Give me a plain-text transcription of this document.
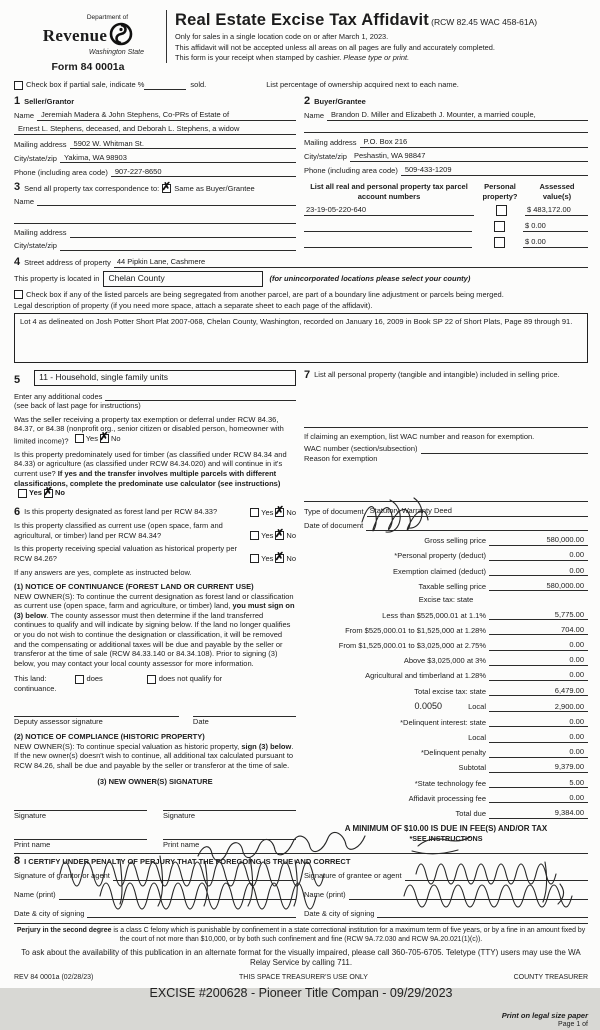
Department of
Revenue
Washington State
Form 84 0001a
Real Estate Excise Tax Affidavit (RCW 82.45 WAC 458-61A)
Only for sales in a single location code on or after March 1, 2023.
This affidavit will not be accepted unless all areas on all pages are fully and accurately completed.
This form is your receipt when stamped by cashier. Please type or print.
Check box if partial sale, indicate %	sold.	List percentage of ownership acquired next to each name.
1 Seller/Grantor
Name Jeremiah Madera & John Stephens, Co-PRs of Estate of
Ernest L. Stephens, deceased, and Deborah L. Stephens, a widow
Mailing address 5902 W. Whitman St.
City/state/zip Yakima, WA 98903
Phone (including area code) 907-227-8650
2 Buyer/Grantee
Name Brandon D. Miller and Elizabeth J. Mounter, a married couple,
Mailing address P.O. Box 216
City/state/zip Peshastin, WA 98847
Phone (including area code) 509-433-1209
3 Send all property tax correspondence to: ✗ Same as Buyer/Grantee
Name
Mailing address
City/state/zip
List all real and personal property tax parcel account numbers
Personal property?
Assessed value(s)
23-19-05-220-640	$ 483,172.00
$ 0.00
$ 0.00
4 Street address of property 44 Pipkin Lane, Cashmere
This property is located in	Chelan County	(for unincorporated locations please select your county)
Check box if any of the listed parcels are being segregated from another parcel, are part of a boundary line adjustment or parcels being merged.
Legal description of property (if you need more space, attach a separate sheet to each page of the affidavit).
Lot 4 as delineated on Josh Potter Short Plat 2007-068, Chelan County, Washington, recorded on January 16, 2009 in Book SP 22 of Short Plats, Page 89 through 91.
5	11 - Household, single family units
Enter any additional codes
(see back of last page for instructions)
Was the seller receiving a property tax exemption or deferral under RCW 84.36, 84.37, or 84.38 (nonprofit org., senior citizen or disabled person, homeowner with limited income)? Yes ✗ No
Is this property predominately used for timber (as classified under RCW 84.34 and 84.33) or agriculture (as classified under RCW 84.34.020) and will continue in it's current use? If yes and the transfer involves multiple parcels with different classifications, complete the predominate use calculator (see instructions)
Yes ✗ No
6 Is this property designated as forest land per RCW 84.33?	Yes ✗ No
Is this property classified as current use (open space, farm and agricultural, or timber) land per RCW 84.34?	Yes ✗ No
Is this property receiving special valuation as historical property per RCW 84.26?	Yes ✗ No
If any answers are yes, complete as instructed below.
(1) NOTICE OF CONTINUANCE (FOREST LAND OR CURRENT USE)
NEW OWNER(S): To continue the current designation as forest land or classification as current use (open space, farm and agriculture, or timber) land, you must sign on (3) below. The county assessor must then determine if the land transferred continues to qualify and will indicate by signing below. If the land no longer qualifies or you do not wish to continue the designation or classification, it will be removed and the compensating or additional taxes will be due and payable by the seller or transferor at the time of sale (RCW 84.33.140 or 84.34.108). Prior to signing (3) below, you may contact your local county assessor for more information.
This land:	does	does not qualify for
continuance.
Deputy assessor signature	Date
(2) NOTICE OF COMPLIANCE (HISTORIC PROPERTY)
NEW OWNER(S): To continue special valuation as historic property, sign (3) below. If the new owner(s) doesn't wish to continue, all additional tax calculated pursuant to RCW 84.26, shall be due and payable by the seller or transferor at the time of sale.
(3) NEW OWNER(S) SIGNATURE
Signature	Signature
Print name	Print name
7 List all personal property (tangible and intangible) included in selling price.
If claiming an exemption, list WAC number and reason for exemption.
WAC number (section/subsection)
Reason for exemption
Type of document Statutory Warranty Deed
Date of document
Gross selling price	580,000.00
*Personal property (deduct)	0.00
Exemption claimed (deduct)	0.00
Taxable selling price	580,000.00
Excise tax: state
Less than $525,000.01 at 1.1%	5,775.00
From $525,000.01 to $1,525,000 at 1.28%	704.00
From $1,525,000.01 to $3,025,000 at 2.75%	0.00
Above $3,025,000 at 3%	0.00
Agricultural and timberland at 1.28%	0.00
Total excise tax: state	6,479.00
0.0050	Local	2,900.00
*Delinquent interest: state	0.00
Local	0.00
*Delinquent penalty	0.00
Subtotal	9,379.00
*State technology fee	5.00
Affidavit processing fee	0.00
Total due	9,384.00
A MINIMUM OF $10.00 IS DUE IN FEE(S) AND/OR TAX
*SEE INSTRUCTIONS
8 I CERTIFY UNDER PENALTY OF PERJURY THAT THE FOREGOING IS TRUE AND CORRECT
Signature of grantor or agent
Name (print)
Date & city of signing
Signature of grantee or agent
Name (print)
Date & city of signing
Perjury in the second degree is a class C felony which is punishable by confinement in a state correctional institution for a maximum term of five years, or by a fine in an amount fixed by the court of not more than $10,000, or by both such confinement and fine (RCW 9A.72.030 and RCW 9A.20.021(1)(c)).
To ask about the availability of this publication in an alternate format for the visually impaired, please call 360-705-6705. Teletype (TTY) users may use the WA Relay Service by calling 711.
REV 84 0001a (02/28/23)	THIS SPACE TREASURER'S USE ONLY	COUNTY TREASURER
EXCISE #200628 - Pioneer Title Compan - 09/29/2023
Print on legal size paper
Page 1 of
